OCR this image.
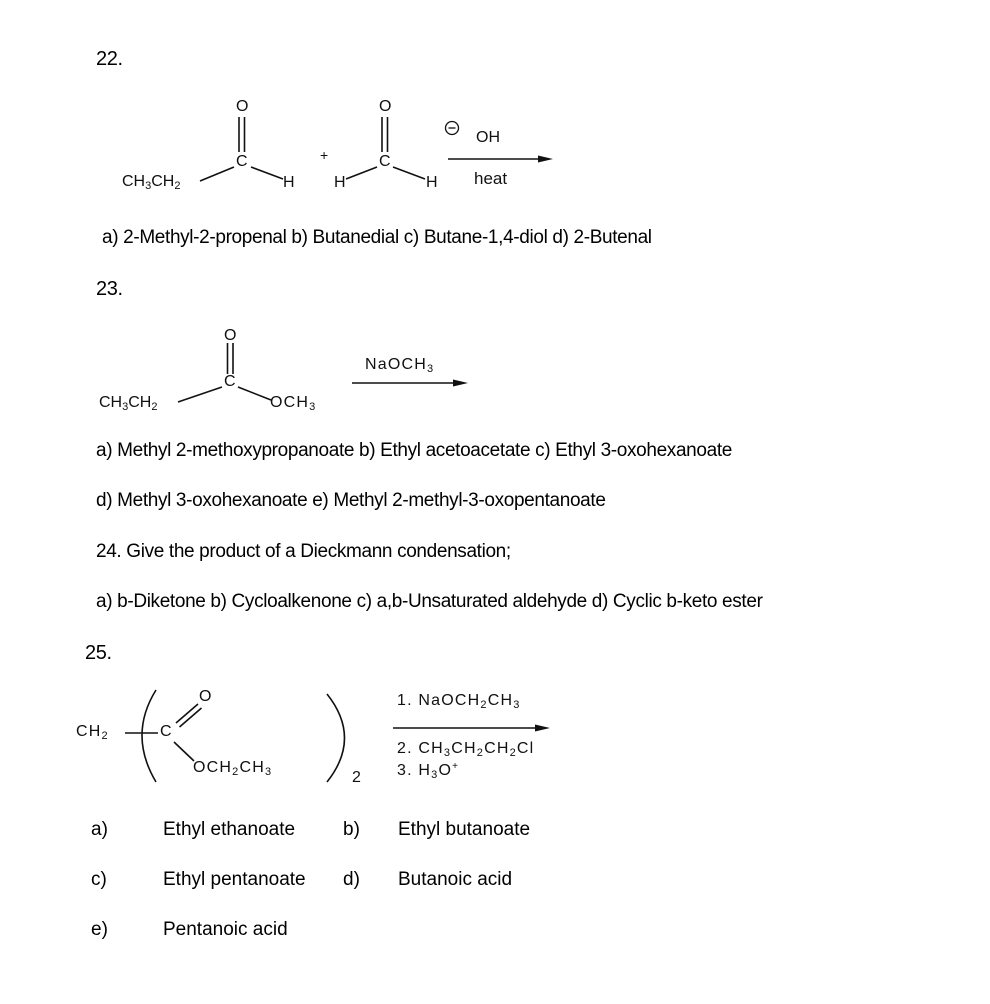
22.
$CH_3CH_2$
O
C
H
+
H
O
C
H
OH
heat
a) 2-Methyl-2-propenal b) Butanedial c) Butane-1,4-diol d) 2-Butenal
23.
$CH_3CH_2$
O
C
$OCH_3$
NaOCH$_3$
a) Methyl 2-methoxypropanoate b) Ethyl acetoacetate c) Ethyl 3-oxohexanoate
d) Methyl 3-oxohexanoate e) Methyl 2-methyl-3-oxopentanoate
24. Give the product of a Dieckmann condensation;
a) b-Diketone b) Cycloalkenone c) a,b-Unsaturated aldehyde d) Cyclic b-keto ester
25.
$CH_2$	C
O
$OCH_2CH_3$	2
1. $NaOCH_2CH_3$
2. $CH_3CH_2CH_2Cl$
3. $H_3O^+$
a)	Ethyl ethanoate	b) Ethyl butanoate
c)	Ethyl pentanoate d) Butanoic acid
e)	Pentanoic acid
